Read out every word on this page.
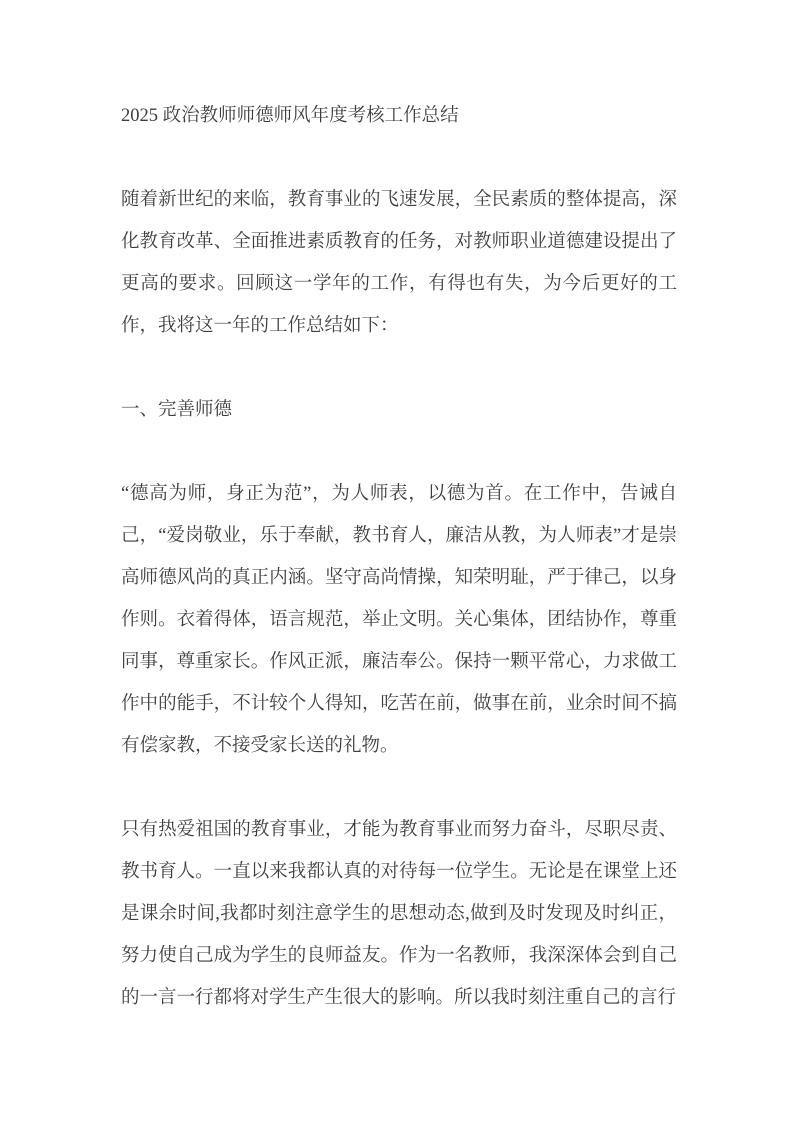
2025 政治教师师德师风年度考核工作总结

随着新世纪的来临，教育事业的飞速发展，全民素质的整体提高，深化教育改革、全面推进素质教育的任务，对教师职业道德建设提出了更高的要求。回顾这一学年的工作，有得也有失，为今后更好的工作，我将这一年的工作总结如下：

一、完善师德

“德高为师，身正为范”，为人师表，以德为首。在工作中，告诫自己，“爱岗敬业，乐于奉献，教书育人，廉洁从教，为人师表”才是崇高师德风尚的真正内涵。坚守高尚情操，知荣明耻，严于律己，以身作则。衣着得体，语言规范，举止文明。关心集体，团结协作，尊重同事，尊重家长。作风正派，廉洁奉公。保持一颗平常心，力求做工作中的能手，不计较个人得知，吃苦在前，做事在前，业余时间不搞有偿家教，不接受家长送的礼物。

只有热爱祖国的教育事业，才能为教育事业而努力奋斗，尽职尽责、教书育人。一直以来我都认真的对待每一位学生。无论是在课堂上还是课余时间,我都时刻注意学生的思想动态,做到及时发现及时纠正，努力使自己成为学生的良师益友。作为一名教师，我深深体会到自己的一言一行都将对学生产生很大的影响。所以我时刻注重自己的言行
